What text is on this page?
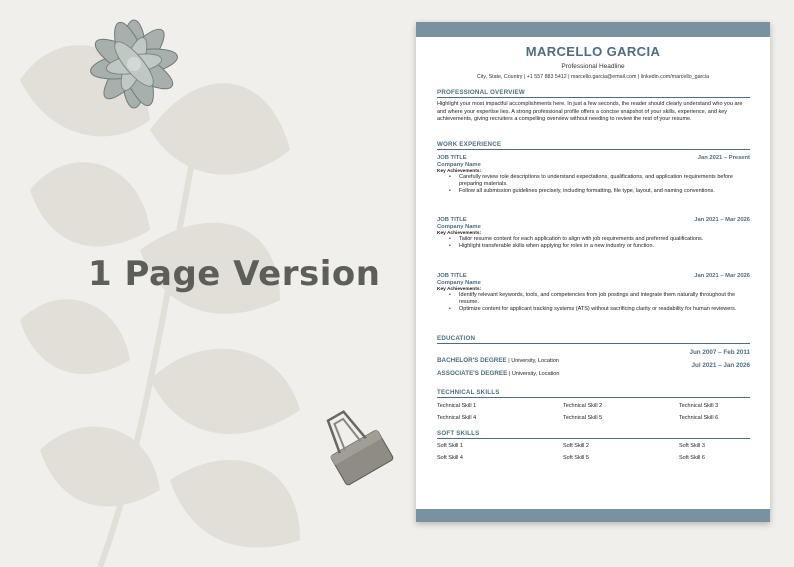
1 Page Version
MARCELLO GARCIA
Professional Headline
City, State, Country | +1 557 883 5412 | marcello.garcia@email.com | linkedin.com/marcello_garcia
PROFESSIONAL OVERVIEW
Highlight your most impactful accomplishments here. In just a few seconds, the reader should clearly understand who you are and where your expertise lies. A strong professional profile offers a concise snapshot of your skills, experience, and key achievements, giving recruiters a compelling overview without needing to review the rest of your resume.
WORK EXPERIENCE
JOB TITLE	Jan 2021 – Present
Company Name
Key Achievements:
• Carefully review role descriptions to understand expectations, qualifications, and application requirements before preparing materials.
• Follow all submission guidelines precisely, including formatting, file type, layout, and naming conventions.
JOB TITLE	Jan 2021 – Mar 2026
Company Name
Key Achievements:
• Tailor resume content for each application to align with job requirements and preferred qualifications.
• Highlight transferable skills when applying for roles in a new industry or function.
JOB TITLE	Jan 2021 – Mar 2026
Company Name
Key Achievements:
• Identify relevant keywords, tools, and competencies from job postings and integrate them naturally throughout the resume.
• Optimize content for applicant tracking systems (ATS) without sacrificing clarity or readability for human reviewers.
EDUCATION
BACHELOR'S DEGREE | University, Location
Jun 2007 – Feb 2011
ASSOCIATE'S DEGREE | University, Location
Jul 2021 – Jan 2026
TECHNICAL SKILLS
Technical Skill 1	Technical Skill 2	Technical Skill 3
Technical Skill 4	Technical Skill 5	Technical Skill 6
SOFT SKILLS
Soft Skill 1	Soft Skill 2	Soft Skill 3
Soft Skill 4	Soft Skill 5	Soft Skill 6
